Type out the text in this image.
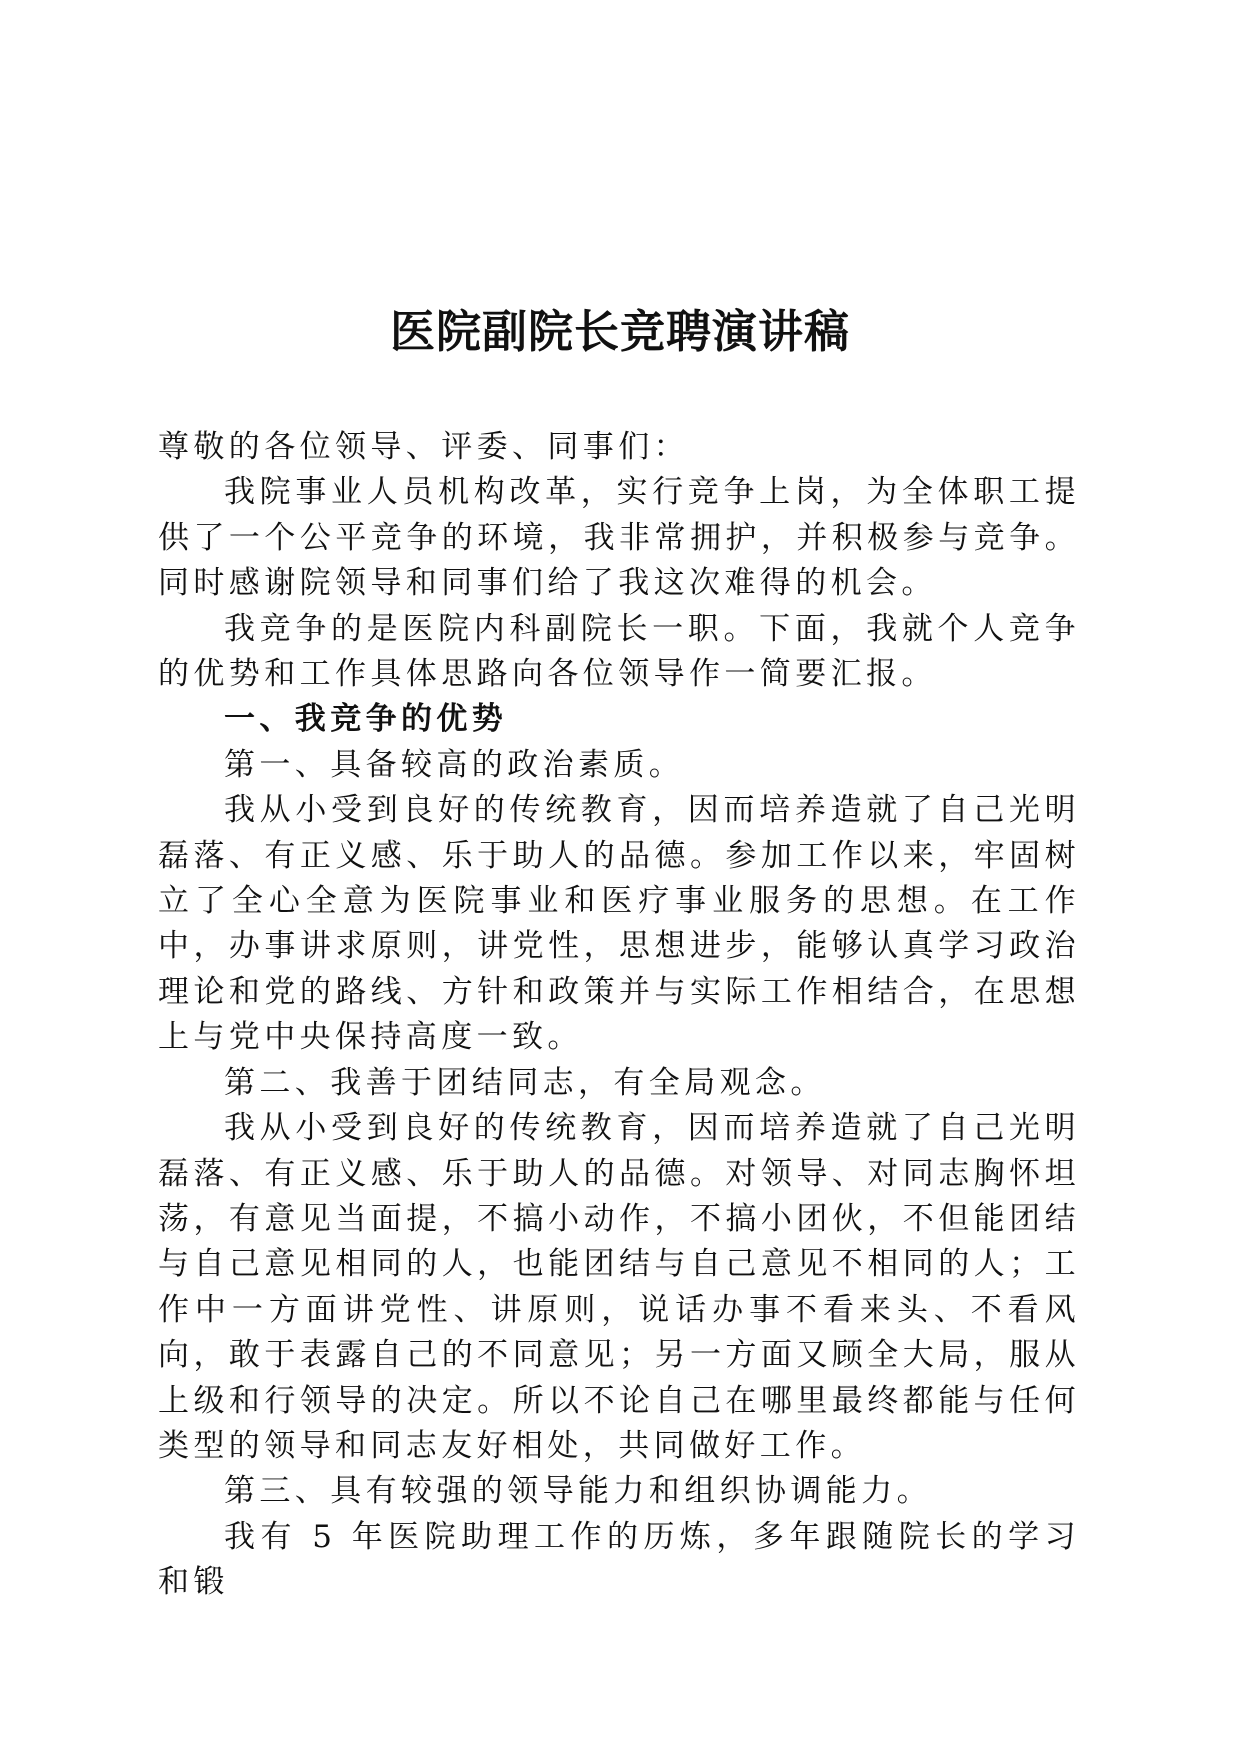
医院副院长竞聘演讲稿

尊敬的各位领导、评委、同事们：

我院事业人员机构改革，实行竞争上岗，为全体职工提供了一个公平竞争的环境，我非常拥护，并积极参与竞争。同时感谢院领导和同事们给了我这次难得的机会。

我竞争的是医院内科副院长一职。下面，我就个人竞争的优势和工作具体思路向各位领导作一简要汇报。

一、我竞争的优势

第一、具备较高的政治素质。

我从小受到良好的传统教育，因而培养造就了自己光明磊落、有正义感、乐于助人的品德。参加工作以来，牢固树立了全心全意为医院事业和医疗事业服务的思想。在工作中，办事讲求原则，讲党性，思想进步，能够认真学习政治理论和党的路线、方针和政策并与实际工作相结合，在思想上与党中央保持高度一致。

第二、我善于团结同志，有全局观念。

我从小受到良好的传统教育，因而培养造就了自己光明磊落、有正义感、乐于助人的品德。对领导、对同志胸怀坦荡，有意见当面提，不搞小动作，不搞小团伙，不但能团结与自己意见相同的人，也能团结与自己意见不相同的人；工作中一方面讲党性、讲原则，说话办事不看来头、不看风向，敢于表露自己的不同意见；另一方面又顾全大局，服从上级和行领导的决定。所以不论自己在哪里最终都能与任何类型的领导和同志友好相处，共同做好工作。

第三、具有较强的领导能力和组织协调能力。

我有 5 年医院助理工作的历炼，多年跟随院长的学习和锻
